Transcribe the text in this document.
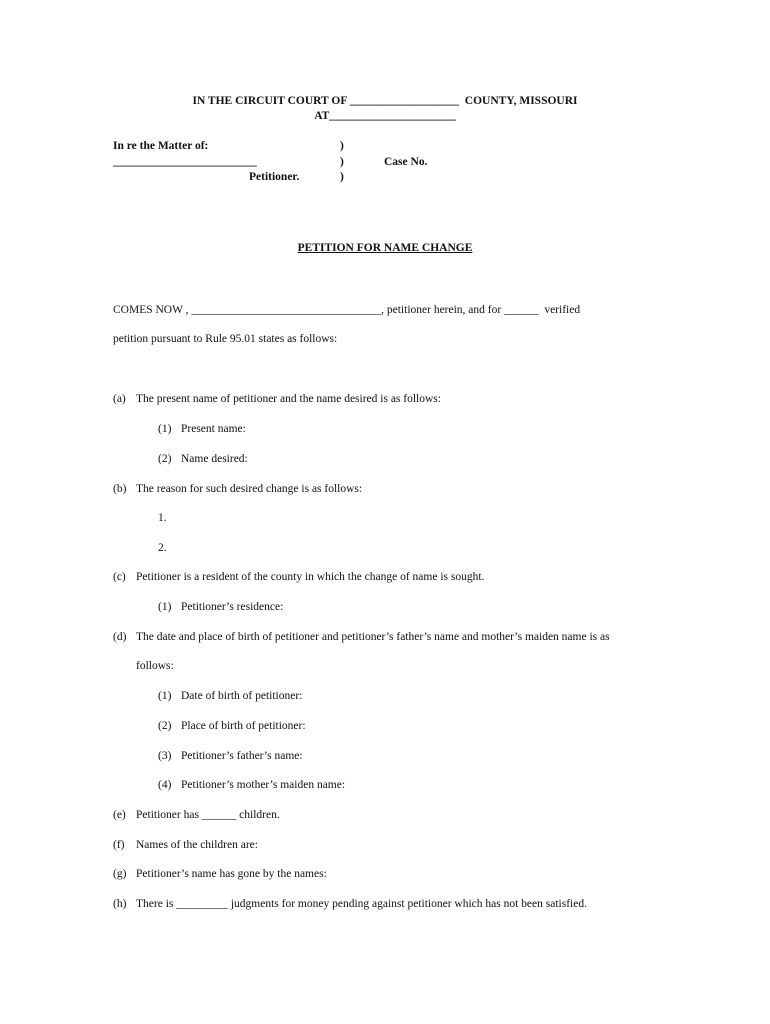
IN THE CIRCUIT COURT OF ___________________  COUNTY, MISSOURI
AT______________________
In re the Matter of:
_________________________
Petitioner.
)
)
)
Case No.
PETITION FOR NAME CHANGE
COMES NOW , _________________________________, petitioner herein, and for ______  verified
petition pursuant to Rule 95.01 states as follows:
(a) The present name of petitioner and the name desired is as follows:
(1) Present name:
(2) Name desired:
(b) The reason for such desired change is as follows:
1.
2.
(c) Petitioner is a resident of the county in which the change of name is sought.
(1) Petitioner’s residence:
(d) The date and place of birth of petitioner and petitioner’s father’s name and mother’s maiden name is as
follows:
(1) Date of birth of petitioner:
(2) Place of birth of petitioner:
(3) Petitioner’s father’s name:
(4) Petitioner’s mother’s maiden name:
(e) Petitioner has ______ children.
(f) Names of the children are:
(g) Petitioner’s name has gone by the names:
(h) There is _________ judgments for money pending against petitioner which has not been satisfied.
